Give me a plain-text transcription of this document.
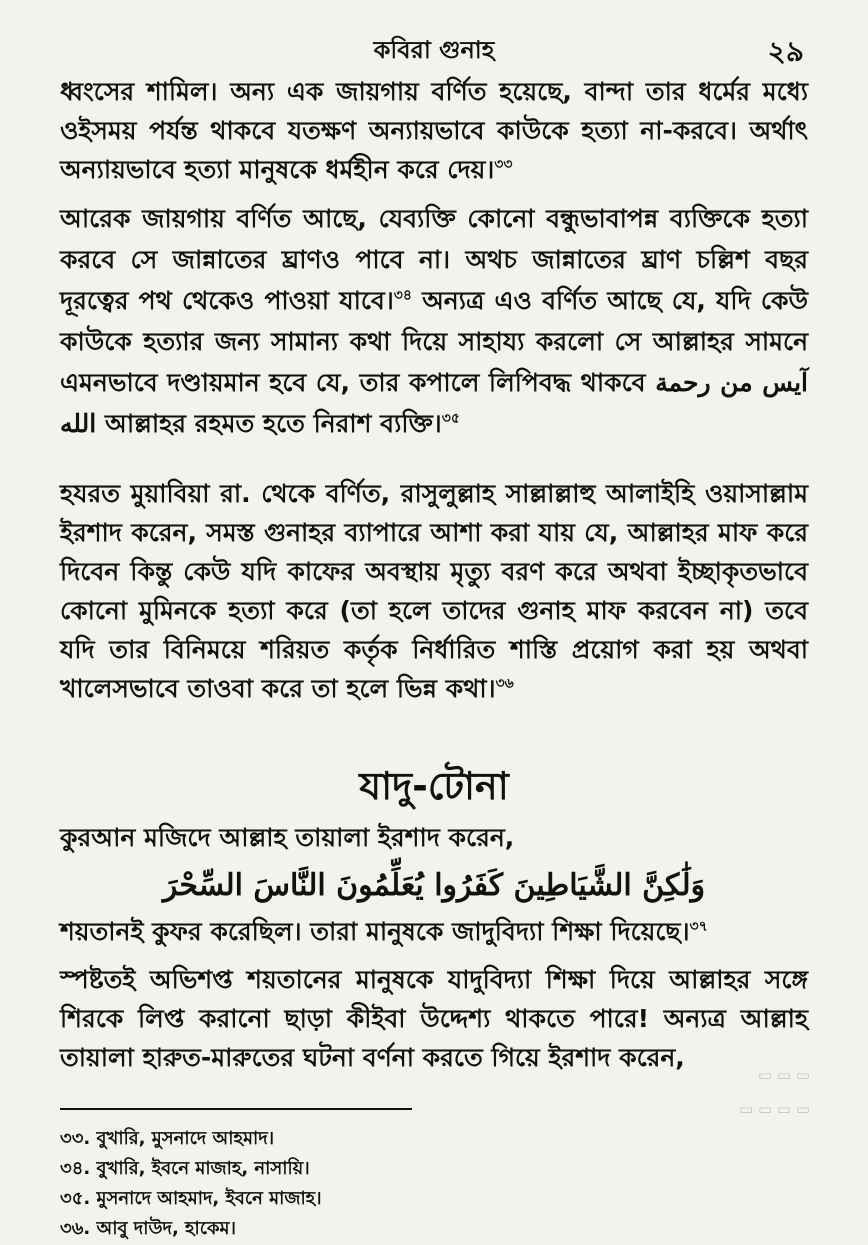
কবিরা গুনাহ	২৯

ধ্বংসের শামিল। অন্য এক জায়গায় বর্ণিত হয়েছে, বান্দা তার ধর্মের মধ্যে ওইসময় পর্যন্ত থাকবে যতক্ষণ অন্যায়ভাবে কাউকে হত্যা না-করবে। অর্থাৎ অন্যায়ভাবে হত্যা মানুষকে ধর্মহীন করে দেয়।$^{৩৩}$

আরেক জায়গায় বর্ণিত আছে, যেব্যক্তি কোনো বন্ধুভাবাপন্ন ব্যক্তিকে হত্যা করবে সে জান্নাতের ঘ্রাণও পাবে না। অথচ জান্নাতের ঘ্রাণ চল্লিশ বছর দূরত্বের পথ থেকেও পাওয়া যাবে।$^{৩৪}$ অন্যত্র এও বর্ণিত আছে যে, যদি কেউ কাউকে হত্যার জন্য সামান্য কথা দিয়ে সাহায্য করলো সে আল্লাহর সামনে এমনভাবে দণ্ডায়মান হবে যে, তার কপালে লিপিবদ্ধ থাকবে آيس من رحمة الله আল্লাহর রহমত হতে নিরাশ ব্যক্তি।$^{৩৫}$

হযরত মুয়াবিয়া রা. থেকে বর্ণিত, রাসুলুল্লাহ সাল্লাল্লাহু আলাইহি ওয়াসাল্লাম ইরশাদ করেন, সমস্ত গুনাহর ব্যাপারে আশা করা যায় যে, আল্লাহর মাফ করে দিবেন কিন্তু কেউ যদি কাফের অবস্থায় মৃত্যু বরণ করে অথবা ইচ্ছাকৃতভাবে কোনো মুমিনকে হত্যা করে (তা হলে তাদের গুনাহ মাফ করবেন না) তবে যদি তার বিনিময়ে শরিয়ত কর্তৃক নির্ধারিত শাস্তি প্রয়োগ করা হয় অথবা খালেসভাবে তাওবা করে তা হলে ভিন্ন কথা।$^{৩৬}$

যাদু-টোনা

কুরআন মজিদে আল্লাহ তায়ালা ইরশাদ করেন,

وَلَٰكِنَّ الشَّيَاطِينَ كَفَرُوا يُعَلِّمُونَ النَّاسَ السِّحْرَ

শয়তানই কুফর করেছিল। তারা মানুষকে জাদুবিদ্যা শিক্ষা দিয়েছে।$^{৩৭}$

স্পষ্টতই অভিশপ্ত শয়তানের মানুষকে যাদুবিদ্যা শিক্ষা দিয়ে আল্লাহর সঙ্গে শিরকে লিপ্ত করানো ছাড়া কীইবা উদ্দেশ্য থাকতে পারে! অন্যত্র আল্লাহ তায়ালা হারুত-মারুতের ঘটনা বর্ণনা করতে গিয়ে ইরশাদ করেন,

▭ ▭ ▭
▭ ▭ ▭ ▭
৩৩. বুখারি, মুসনাদে আহমাদ।
৩৪. বুখারি, ইবনে মাজাহ, নাসায়ি।
৩৫. মুসনাদে আহমাদ, ইবনে মাজাহ।
৩৬. আবু দাউদ, হাকেম।
